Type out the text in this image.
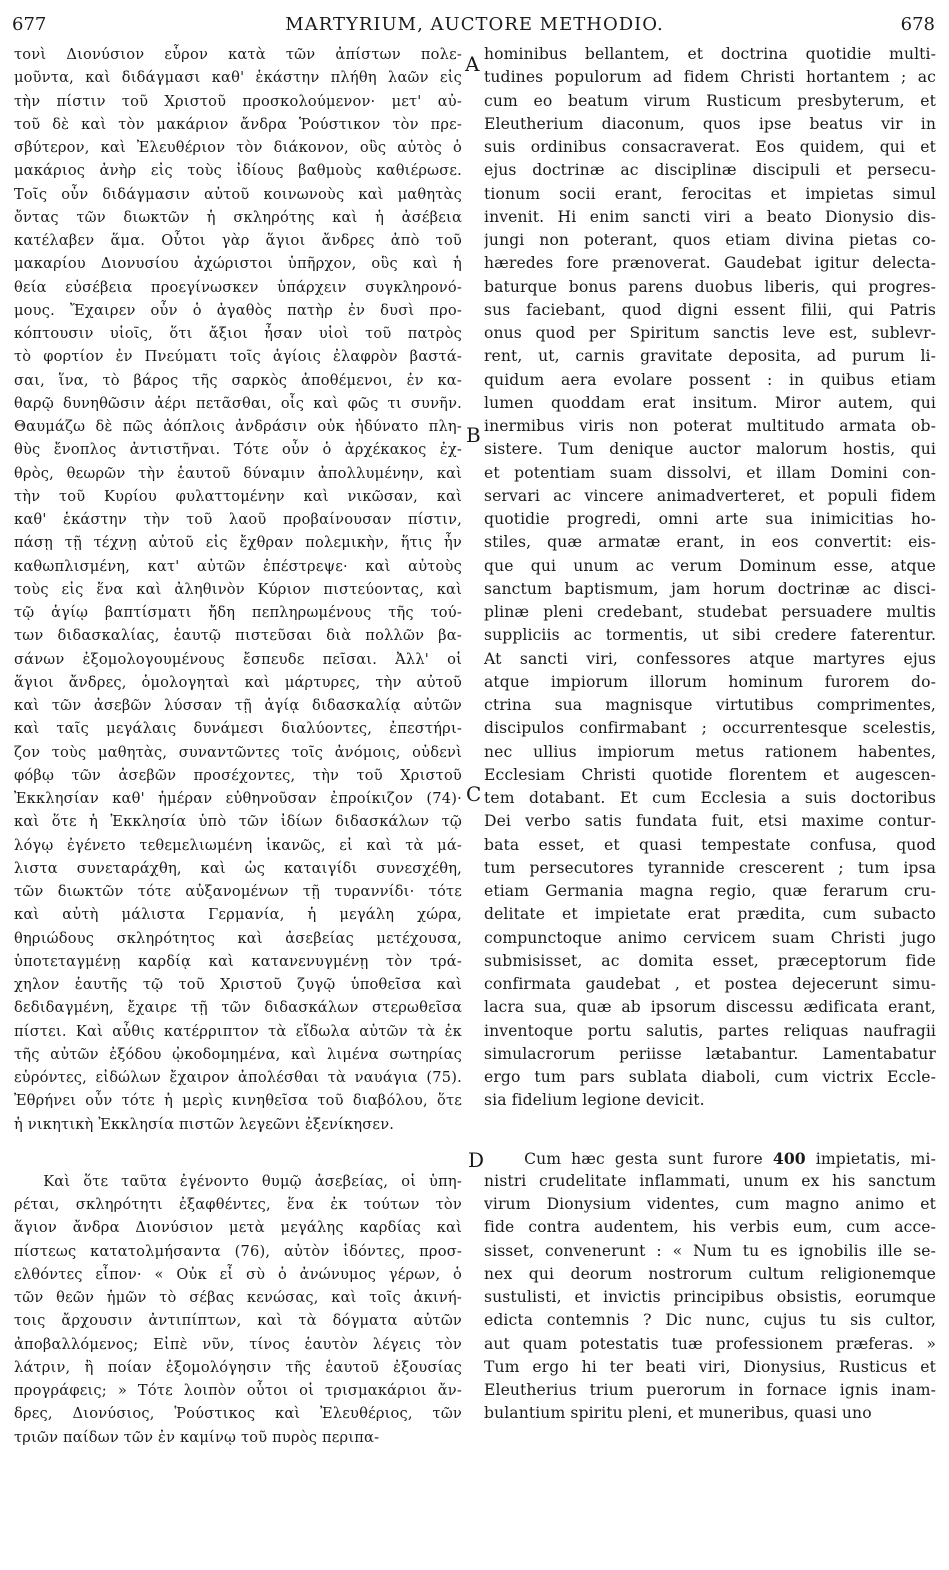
677	MARTYRIUM, AUCTORE METHODIO.	678
A
B
C
D
τονὶ Διονύσιον εὗρον κατὰ τῶν ἀπίστων πολε-
μοῦντα, καὶ διδάγμασι καθ' ἑκάστην πλήθη λαῶν εἰς
τὴν πίστιν τοῦ Χριστοῦ προσκολούμενον· μετ' αὐ-
τοῦ δὲ καὶ τὸν μακάριον ἄνδρα Ῥούστικον τὸν πρε-
σβύτερον, καὶ Ἐλευθέριον τὸν διάκονον, οὓς αὐτὸς ὁ
μακάριος ἀνὴρ εἰς τοὺς ἰδίους βαθμοὺς καθιέρωσε.
Τοῖς οὖν διδάγμασιν αὐτοῦ κοινωνοὺς καὶ μαθητὰς
ὄντας τῶν διωκτῶν ἡ σκληρότης καὶ ἡ ἀσέβεια
κατέλαβεν ἅμα. Οὗτοι γὰρ ἅγιοι ἄνδρες ἀπὸ τοῦ
μακαρίου Διονυσίου ἀχώριστοι ὑπῆρχον, οὓς καὶ ἡ
θεία εὐσέβεια προεγίνωσκεν ὑπάρχειν συγκληρονό-
μους. Ἔχαιρεν οὖν ὁ ἀγαθὸς πατὴρ ἐν δυσὶ προ-
κόπτουσιν υἱοῖς, ὅτι ἄξιοι ἦσαν υἱοὶ τοῦ πατρὸς
τὸ φορτίον ἐν Πνεύματι τοῖς ἁγίοις ἐλαφρὸν βαστά-
σαι, ἵνα, τὸ βάρος τῆς σαρκὸς ἀποθέμενοι, ἐν κα-
θαρῷ δυνηθῶσιν ἀέρι πετᾶσθαι, οἷς καὶ φῶς τι συνῆν.
Θαυμάζω δὲ πῶς ἀόπλοις ἀνδράσιν οὐκ ἠδύνατο πλη-
θὺς ἔνοπλος ἀντιστῆναι. Τότε οὖν ὁ ἀρχέκακος ἐχ-
θρὸς, θεωρῶν τὴν ἑαυτοῦ δύναμιν ἀπολλυμένην, καὶ
τὴν τοῦ Κυρίου φυλαττομένην καὶ νικῶσαν, καὶ
καθ' ἑκάστην τὴν τοῦ λαοῦ προβαίνουσαν πίστιν,
πάσῃ τῇ τέχνῃ αὐτοῦ εἰς ἔχθραν πολεμικὴν, ἥτις ἦν
καθωπλισμένη, κατ' αὐτῶν ἐπέστρεψε· καὶ αὐτοὺς
τοὺς εἰς ἕνα καὶ ἀληθινὸν Κύριον πιστεύοντας, καὶ
τῷ ἁγίῳ βαπτίσματι ἤδη πεπληρωμένους τῆς τού-
των διδασκαλίας, ἑαυτῷ πιστεῦσαι διὰ πολλῶν βα-
σάνων ἐξομολογουμένους ἔσπευδε πεῖσαι. Ἀλλ' οἱ
ἅγιοι ἄνδρες, ὁμολογηταὶ καὶ μάρτυρες, τὴν αὐτοῦ
καὶ τῶν ἀσεβῶν λύσσαν τῇ ἁγίᾳ διδασκαλίᾳ αὐτῶν
καὶ ταῖς μεγάλαις δυνάμεσι διαλύοντες, ἐπεστήρι-
ζον τοὺς μαθητὰς, συναντῶντες τοῖς ἀνόμοις, οὐδενὶ
φόβῳ τῶν ἀσεβῶν προσέχοντες, τὴν τοῦ Χριστοῦ
Ἐκκλησίαν καθ' ἡμέραν εὐθηνοῦσαν ἐπροίκιζον (74)·
καὶ ὅτε ἡ Ἐκκλησία ὑπὸ τῶν ἰδίων διδασκάλων τῷ
λόγῳ ἐγένετο τεθεμελιωμένη ἱκανῶς, εἰ καὶ τὰ μά-
λιστα συνεταράχθη, καὶ ὡς καταιγίδι συνεσχέθη,
τῶν διωκτῶν τότε αὐξανομένων τῇ τυραννίδι· τότε
καὶ αὐτὴ μάλιστα Γερμανία, ἡ μεγάλη χώρα,
θηριώδους σκληρότητος καὶ ἀσεβείας μετέχουσα,
ὑποτεταγμένῃ καρδίᾳ καὶ κατανενυγμένῃ τὸν τρά-
χηλον ἑαυτῆς τῷ τοῦ Χριστοῦ ζυγῷ ὑποθεῖσα καὶ
δεδιδαγμένη, ἔχαιρε τῇ τῶν διδασκάλων στερωθεῖσα
πίστει. Καὶ αὖθις κατέρριπτον τὰ εἴδωλα αὐτῶν τὰ ἐκ
τῆς αὐτῶν ἐξόδου ᾠκοδομημένα, καὶ λιμένα σωτηρίας
εὑρόντες, εἰδώλων ἔχαιρον ἀπολέσθαι τὰ ναυάγια (75).
Ἐθρήνει οὖν τότε ἡ μερὶς κινηθεῖσα τοῦ διαβόλου, ὅτε
ἡ νικητικὴ Ἐκκλησία πιστῶν λεγεῶνι ἐξενίκησεν.
Καὶ ὅτε ταῦτα ἐγένοντο θυμῷ ἀσεβείας, οἱ ὑπη-
ρέται, σκληρότητι ἐξαφθέντες, ἕνα ἐκ τούτων τὸν
ἅγιον ἄνδρα Διονύσιον μετὰ μεγάλης καρδίας καὶ
πίστεως κατατολμήσαντα (76), αὐτὸν ἰδόντες, προσ-
ελθόντες εἶπον· « Οὐκ εἶ σὺ ὁ ἀνώνυμος γέρων, ὁ
τῶν θεῶν ἡμῶν τὸ σέβας κενώσας, καὶ τοῖς ἀκινή-
τοις ἄρχουσιν ἀντιπίπτων, καὶ τὰ δόγματα αὐτῶν
ἀποβαλλόμενος; Εἰπὲ νῦν, τίνος ἑαυτὸν λέγεις τὸν
λάτριν, ἢ ποίαν ἐξομολόγησιν τῆς ἑαυτοῦ ἐξουσίας
προγράφεις; » Τότε λοιπὸν οὗτοι οἱ τρισμακάριοι ἄν-
δρες, Διονύσιος, Ῥούστικος καὶ Ἐλευθέριος, τῶν
τριῶν παίδων τῶν ἐν καμίνῳ τοῦ πυρὸς περιπα-
hominibus bellantem, et doctrina quotidie multi-
tudines populorum ad fidem Christi hortantem ; ac
cum eo beatum virum Rusticum presbyterum, et
Eleutherium diaconum, quos ipse beatus vir in
suis ordinibus consacraverat. Eos quidem, qui et
ejus doctrinæ ac disciplinæ discipuli et persecu-
tionum socii erant, ferocitas et impietas simul
invenit. Hi enim sancti viri a beato Dionysio dis-
jungi non poterant, quos etiam divina pietas co-
hæredes fore prænoverat. Gaudebat igitur delecta-
baturque bonus parens duobus liberis, qui progres-
sus faciebant, quod digni essent filii, qui Patris
onus quod per Spiritum sanctis leve est, sublevr-
rent, ut, carnis gravitate deposita, ad purum li-
quidum aera evolare possent : in quibus etiam
lumen quoddam erat insitum. Miror autem, qui
inermibus viris non poterat multitudo armata ob-
sistere. Tum denique auctor malorum hostis, qui
et potentiam suam dissolvi, et illam Domini con-
servari ac vincere animadverteret, et populi fidem
quotidie progredi, omni arte sua inimicitias ho-
stiles, quæ armatæ erant, in eos convertit: eis-
que qui unum ac verum Dominum esse, atque
sanctum baptismum, jam horum doctrinæ ac disci-
plinæ pleni credebant, studebat persuadere multis
suppliciis ac tormentis, ut sibi credere faterentur.
At sancti viri, confessores atque martyres ejus
atque impiorum illorum hominum furorem do-
ctrina sua magnisque virtutibus comprimentes,
discipulos confirmabant ; occurrentesque scelestis,
nec ullius impiorum metus rationem habentes,
Ecclesiam Christi quotide florentem et augescen-
tem dotabant. Et cum Ecclesia a suis doctoribus
Dei verbo satis fundata fuit, etsi maxime contur-
bata esset, et quasi tempestate confusa, quod
tum persecutores tyrannide crescerent ; tum ipsa
etiam Germania magna regio, quæ ferarum cru-
delitate et impietate erat prædita, cum subacto
compunctoque animo cervicem suam Christi jugo
submisisset, ac domita esset, præceptorum fide
confirmata gaudebat , et postea dejecerunt simu-
lacra sua, quæ ab ipsorum discessu ædificata erant,
inventoque portu salutis, partes reliquas naufragii
simulacrorum periisse lætabantur. Lamentabatur
ergo tum pars sublata diaboli, cum victrix Eccle-
sia fidelium legione devicit.
Cum hæc gesta sunt furore 400 impietatis, mi-
nistri crudelitate inflammati, unum ex his sanctum
virum Dionysium videntes, cum magno animo et
fide contra audentem, his verbis eum, cum acce-
sisset, convenerunt : « Num tu es ignobilis ille se-
nex qui deorum nostrorum cultum religionemque
sustulisti, et invictis principibus obsistis, eorumque
edicta contemnis ? Dic nunc, cujus tu sis cultor,
aut quam potestatis tuæ professionem præferas. »
Tum ergo hi ter beati viri, Dionysius, Rusticus et
Eleutherius trium puerorum in fornace ignis inam-
bulantium spiritu pleni, et muneribus, quasi uno
